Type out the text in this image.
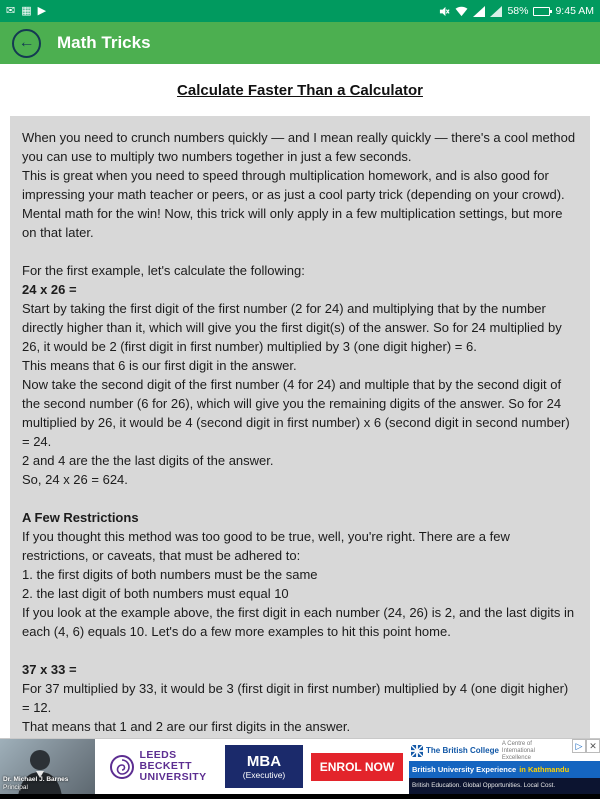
✉ ▦ ▶	58%	9:45 AM
← Math Tricks
Calculate Faster Than a Calculator

When you need to crunch numbers quickly — and I mean really quickly — there's a cool method you can use to multiply two numbers together in just a few seconds.

This is great when you need to speed through multiplication homework, and is also good for impressing your math teacher or peers, or as just a cool party trick (depending on your crowd). Mental math for the win! Now, this trick will only apply in a few multiplication settings, but more on that later.

For the first example, let's calculate the following:

24 x 26 =

Start by taking the first digit of the first number (2 for 24) and multiplying that by the number directly higher than it, which will give you the first digit(s) of the answer. So for 24 multiplied by 26, it would be 2 (first digit in first number) multiplied by 3 (one digit higher) = 6.

This means that 6 is our first digit in the answer.

Now take the second digit of the first number (4 for 24) and multiple that by the second digit of the second number (6 for 26), which will give you the remaining digits of the answer. So for 24 multiplied by 26, it would be 4 (second digit in first number) x 6 (second digit in second number) = 24.

2 and 4 are the the last digits of the answer.

So, 24 x 26 = 624.

A Few Restrictions

If you thought this method was too good to be true, well, you're right. There are a few restrictions, or caveats, that must be adhered to:

1. the first digits of both numbers must be the same

2. the last digit of both numbers must equal 10

If you look at the example above, the first digit in each number (24, 26) is 2, and the last digits in each (4, 6) equals 10. Let's do a few more examples to hit this point home.

37 x 33 =

For 37 multiplied by 33, it would be 3 (first digit in first number) multiplied by 4 (one digit higher) = 12.

That means that 1 and 2 are our first digits in the answer.

Dr. Michael J. Barnes
Principal
LEEDS BECKETT UNIVERSITY
MBA
(Executive)
ENROL NOW
The British College
A Centre of International Excellence
British University Experience in Kathmandu
British Education. Global Opportunities. Local Cost.
▷ ✕
